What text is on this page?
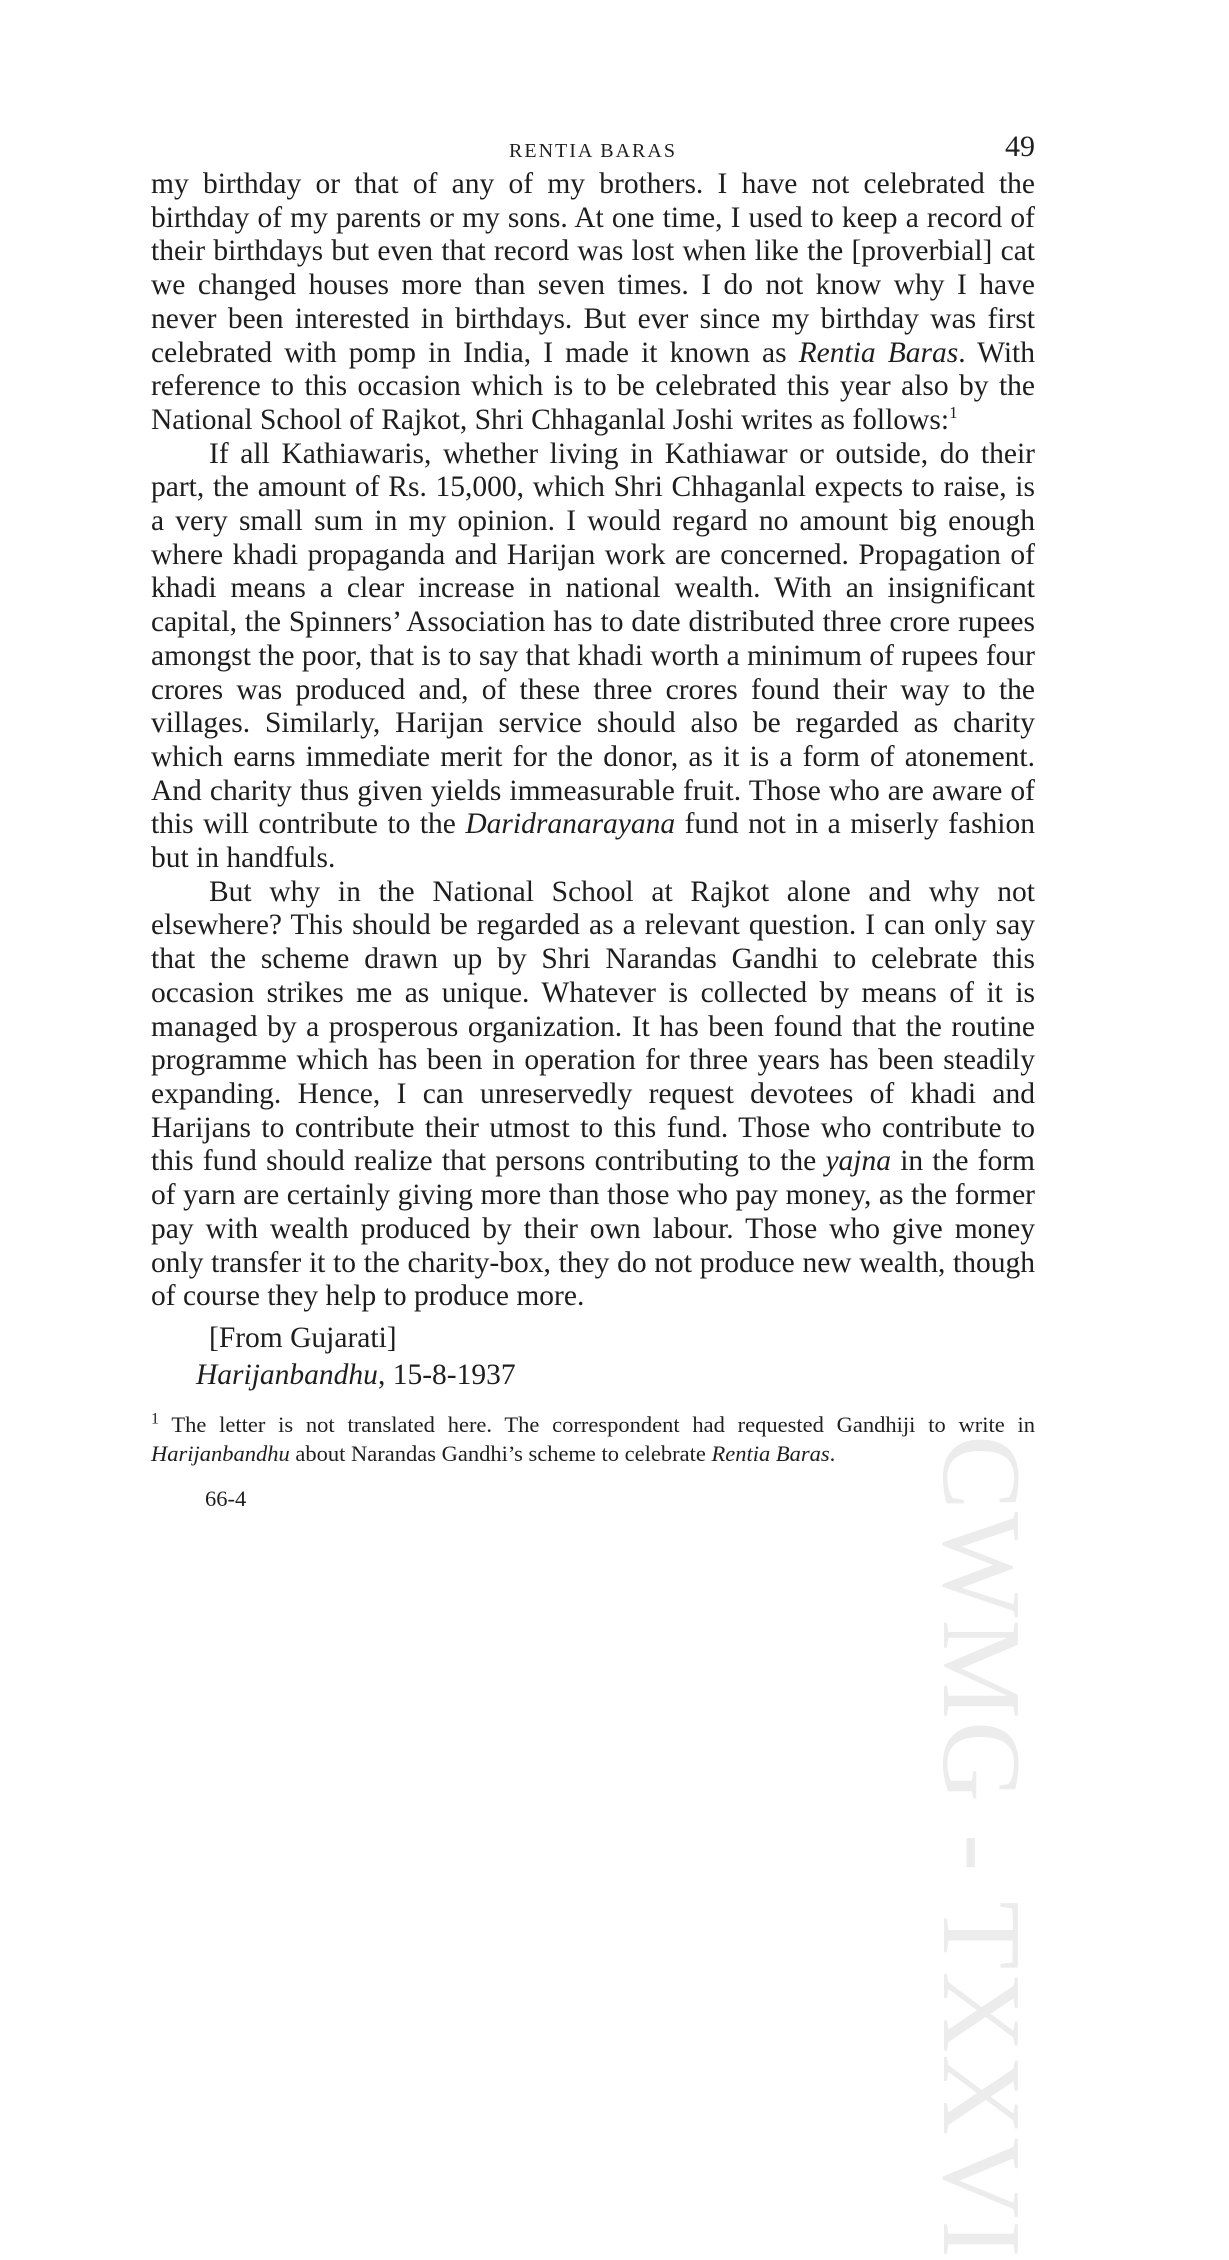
CWMG - TXXVI
RENTIA BARAS	49

my birthday or that of any of my brothers. I have not celebrated the birthday of my parents or my sons. At one time, I used to keep a record of their birthdays but even that record was lost when like the [proverbial] cat we changed houses more than seven times. I do not know why I have never been interested in birthdays. But ever since my birthday was first celebrated with pomp in India, I made it known as Rentia Baras. With reference to this occasion which is to be celebrated this year also by the National School of Rajkot, Shri Chhaganlal Joshi writes as follows:$^1$

If all Kathiawaris, whether living in Kathiawar or outside, do their part, the amount of Rs. 15,000, which Shri Chhaganlal expects to raise, is a very small sum in my opinion. I would regard no amount big enough where khadi propaganda and Harijan work are concerned. Propagation of khadi means a clear increase in national wealth. With an insignificant capital, the Spinners’ Association has to date distributed three crore rupees amongst the poor, that is to say that khadi worth a minimum of rupees four crores was produced and, of these three crores found their way to the villages. Similarly, Harijan service should also be regarded as charity which earns immediate merit for the donor, as it is a form of atonement. And charity thus given yields immeasurable fruit. Those who are aware of this will contribute to the Daridranarayana fund not in a miserly fashion but in handfuls.

But why in the National School at Rajkot alone and why not elsewhere? This should be regarded as a relevant question. I can only say that the scheme drawn up by Shri Narandas Gandhi to celebrate this occasion strikes me as unique. Whatever is collected by means of it is managed by a prosperous organization. It has been found that the routine programme which has been in operation for three years has been steadily expanding. Hence, I can unreservedly request devotees of khadi and Harijans to contribute their utmost to this fund. Those who contribute to this fund should realize that persons contributing to the yajna in the form of yarn are certainly giving more than those who pay money, as the former pay with wealth produced by their own labour. Those who give money only transfer it to the charity-box, they do not produce new wealth, though of course they help to produce more.

[From Gujarati]
Harijanbandhu, 15-8-1937
$^1$ The letter is not translated here. The correspondent had requested Gandhiji to write in Harijanbandhu about Narandas Gandhi’s scheme to celebrate Rentia Baras.
66-4
